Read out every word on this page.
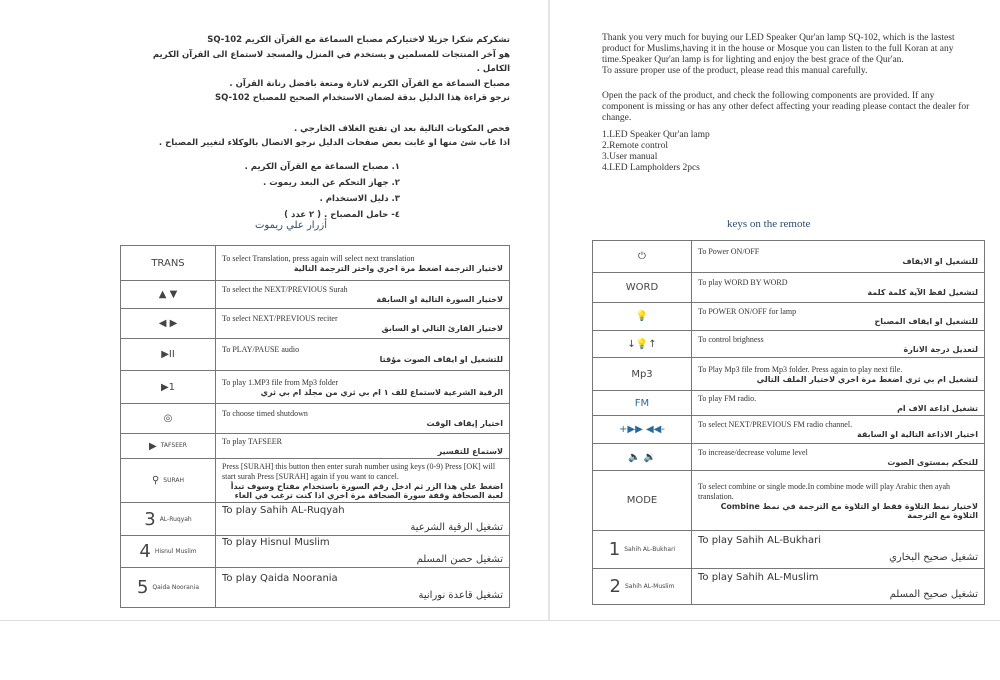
تشكركم شكرا جزيلا لاختياركم مصباح السماعة مع القرآن الكريم SQ-102
هو آخر المنتجات للمسلمين و يستخدم في المنزل والمسجد لاستماع الى القرآن الكريم الكامل .
مصباح السماعة مع القرآن الكريم لانارة ومتعة بافضل رنانة القرآن .
نرجو قراءة هذا الدليل بدقة لضمان الاستخدام الصحيح للمصباح SQ-102
فحص المكونات التالية بعد ان تفتح الغلاف الخارجي .
اذا غاب شئ منها او غابت بعض صفحات الدليل نرجو الاتصال بالوكلاء لتغيير المصباح .
١. مصباح السماعة مع القرآن الكريم .
٢. جهاز التحكم عن البعد ريموت .
٣. دليل الاستخدام .
٤- حامل المصباح . ( ٢ عدد )
أزرار علي ريموت
Thank you very much for buying our LED Speaker Qur'an lamp SQ-102, which is the lastest product for Muslims,having it in the house or Mosque you can listen to the full Koran at any time.Speaker Qur'an lamp is for lighting and enjoy the best grace of the Qur'an.
To assure proper use of the product, please read this manual carefully.
Open the pack of the product, and check the following components are provided. If any component is missing or has any other defect affecting your reading please contact the dealer for change.
1.LED Speaker Qur'an lamp
2.Remote control
3.User manual
4.LED Lampholders 2pcs
keys on the remote
TRANS	To select Translation, press again will select next translation
لاختيار الترجمة اضغط مرة اخري واختر الترجمة التالية

▲ ▼	To select the NEXT/PREVIOUS Surah
لاختيار السورة التالية او السابقة

◀ ▶	To select NEXT/PREVIOUS reciter
لاختيار القارئ التالي او السابق

▶II	To PLAY/PAUSE audio
للتشغيل او ايقاف الصوت مؤقتا

▶1	To play 1.MP3 file from Mp3 folder
الرقية الشرعية لاستماع للف ١ ام بي ثري من مجلد ام بي ثري

◎	To choose timed shutdown
اختيار إيقاف الوقت

▶ TAFSEER	To play TAFSEER
لاستماع للتفسير

⚲ SURAH	Press [SURAH] this button then enter surah number using keys (0-9) Press [OK] will start surah Press [SURAH] again if you want to cancel.
اضغط علي هذا الزر ثم ادخل رقم السورة باستخدام مفتاح وسوف تبدأ لعبة الصحافة وقفة سورة الصحافة مرة اخري اذا كنت ترغب في الغاء

3 AL-Ruqyah	To play Sahih AL-Ruqyah
تشغيل الرقية الشرعية

4 Hisnul Muslim	To play Hisnul Muslim
تشغيل حصن المسلم

5 Qaida Noorania	To play Qaida Noorania
تشغيل قاعدة نورانية
⏻	To Power ON/OFF
للتشغيل او الايقاف

WORD	To play WORD BY WORD
لتشغيل لفظ الآية كلمة كلمة

💡	To POWER ON/OFF for lamp
للتشغيل او ايقاف المصباح

↓💡↑	To control brighness
لتعديل درجة الانارة

Mp3	To Play Mp3 file from Mp3 folder. Press again to play next file.
لتشغيل ام بي ثري اضغط مرة اخري لاختيار الملف التالي

FM	To play FM radio.
تشغيل اذاعة الاف ام

+▶▶ ◀◀-	To select NEXT/PREVIOUS FM radio channel.
اختيار الاذاعة التالية او السابقة

🔈 🔉	To increase/decrease volume level
للتحكم بمستوى الصوت

MODE	To select combine or single mode.In combine mode will play Arabic then ayah translation.
لاختيار نمط التلاوة فقط او التلاوة مع الترجمة في نمط Combine التلاوة مع الترجمة

1 Sahih AL-Bukhari	To play Sahih AL-Bukhari
تشغيل صحيح البخاري

2 Sahih AL-Muslim	To play Sahih AL-Muslim
تشغيل صحيح المسلم
